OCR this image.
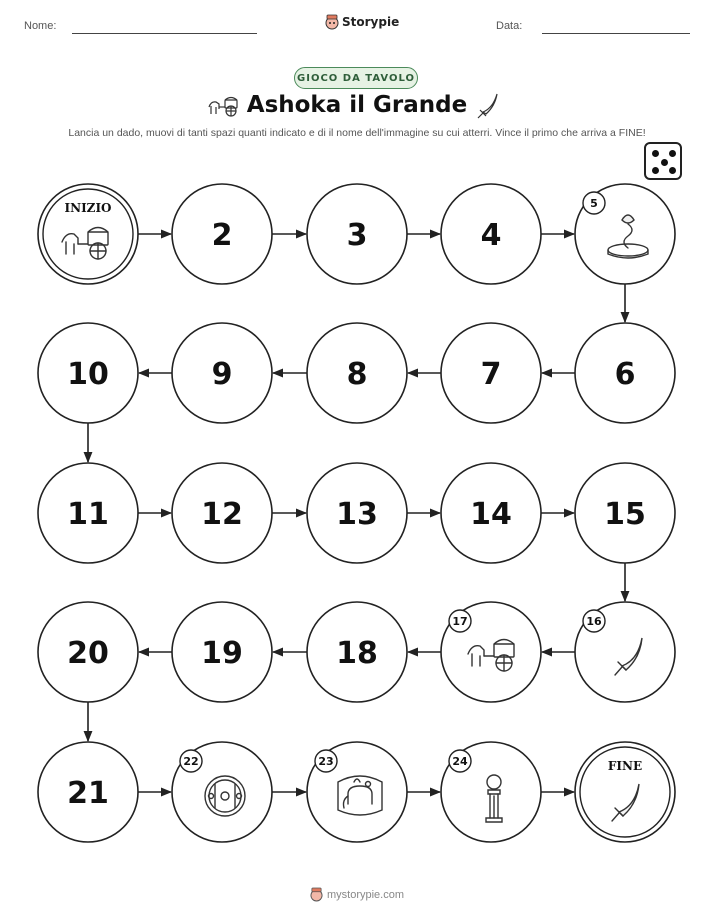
Nome:	Storypie	Data:
GIOCO DA TAVOLO
Ashoka il Grande
Lancia un dado, muovi di tanti spazi quanti indicato e di il nome dell'immagine su cui atterri. Vince il primo che arriva a FINE!
INIZIO
2	3	4
5
6
7
8
9
10
11	12	13	14	15
16
17
18
19
20
21
22	23	24	FINE
mystorypie.com
